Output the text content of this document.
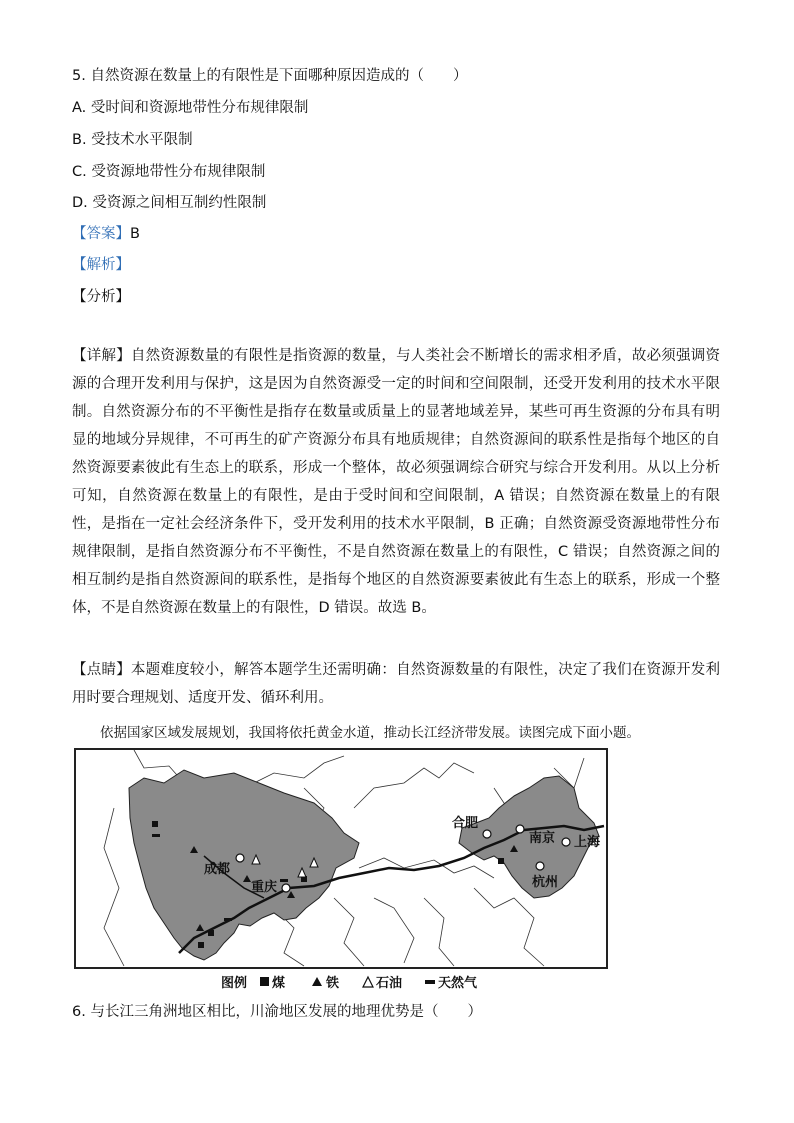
5. 自然资源在数量上的有限性是下面哪种原因造成的（　　）
A. 受时间和资源地带性分布规律限制
B. 受技术水平限制
C. 受资源地带性分布规律限制
D. 受资源之间相互制约性限制
【答案】B
【解析】
【分析】

【详解】自然资源数量的有限性是指资源的数量，与人类社会不断增长的需求相矛盾，故必须强调资源的合理开发利用与保护，这是因为自然资源受一定的时间和空间限制，还受开发利用的技术水平限制。自然资源分布的不平衡性是指存在数量或质量上的显著地域差异，某些可再生资源的分布具有明显的地域分异规律，不可再生的矿产资源分布具有地质规律；自然资源间的联系性是指每个地区的自然资源要素彼此有生态上的联系，形成一个整体，故必须强调综合研究与综合开发利用。从以上分析可知，自然资源在数量上的有限性，是由于受时间和空间限制，A 错误；自然资源在数量上的有限性，是指在一定社会经济条件下，受开发利用的技术水平限制，B 正确；自然资源受资源地带性分布规律限制，是指自然资源分布不平衡性，不是自然资源在数量上的有限性，C 错误；自然资源之间的相互制约是指自然资源间的联系性，是指每个地区的自然资源要素彼此有生态上的联系，形成一个整体，不是自然资源在数量上的有限性，D 错误。故选 B。

【点睛】本题难度较小，解答本题学生还需明确：自然资源数量的有限性，决定了我们在资源开发利用时要合理规划、适度开发、循环利用。

依据国家区域发展规划，我国将依托黄金水道，推动长江经济带发展。读图完成下面小题。
成都
重庆
合肥
南京 上海
杭州
图例 煤	铁	石油	天然气
6. 与长江三角洲地区相比，川渝地区发展的地理优势是（　　）
